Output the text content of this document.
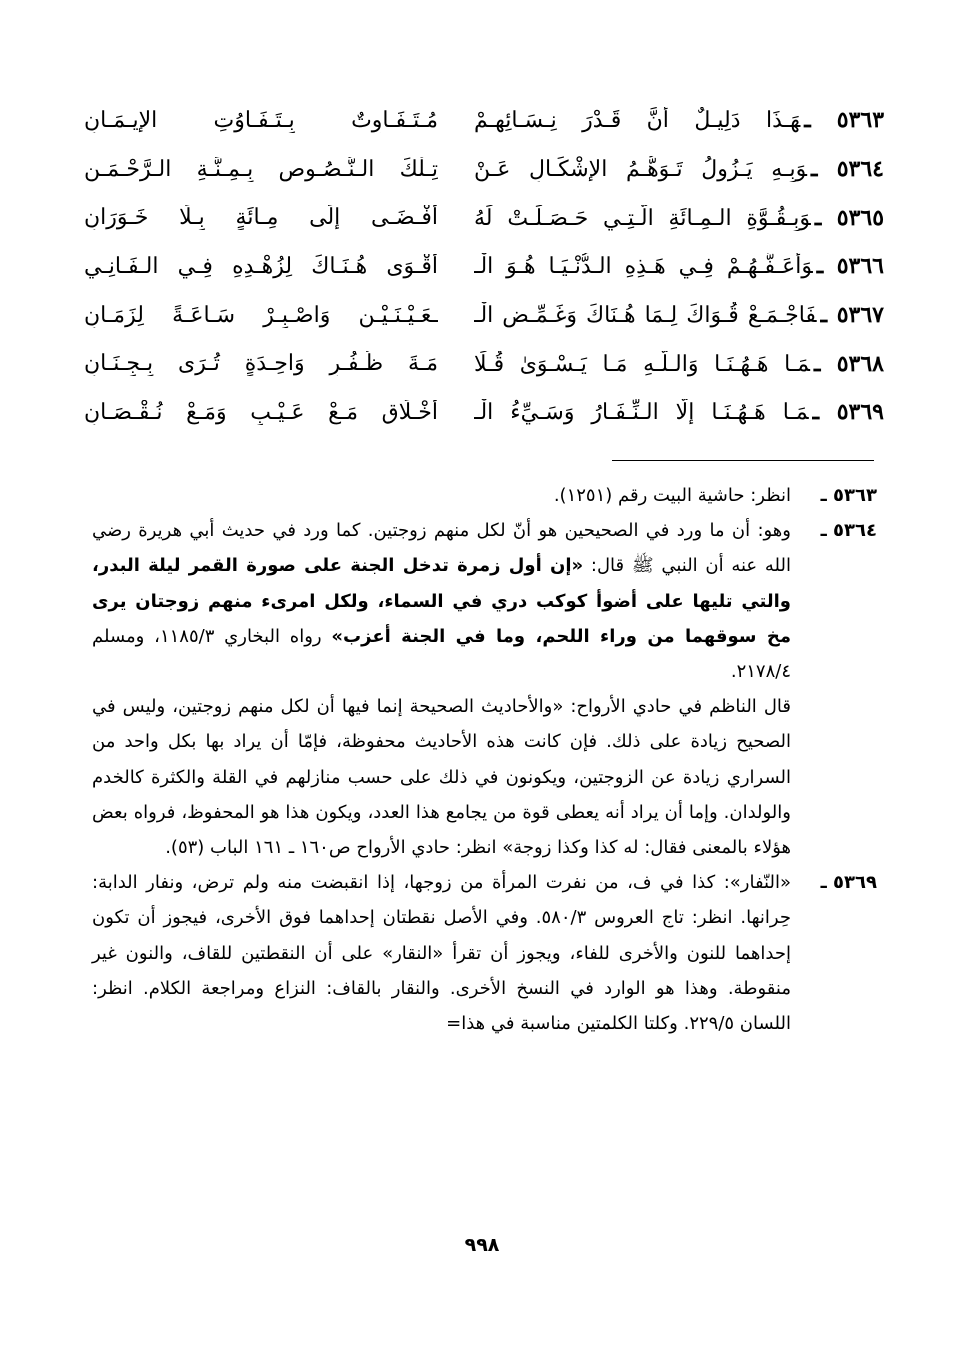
٥٣٦٣ ـهَـذَا دَلِيـلٌ أَنَّ قَـدْرَ نِـسَـائِهِـمْ
مُـتَـفَـاوِتٌ بِـتَـفَـاوُتِ الإِيـمَـانِ
٥٣٦٤ ـوَبِـهِ يَـزُولُ تَـوَهُّـمُ الإِشْكَـالِ عَـنْ
تِـلْكَ الـنُّـصُـوصِ بِـمِـنَّـةِ الـرَّحْـمَـنِ
٥٣٦٥ ـوَبِـقُـوَّةِ الـمِـائَةِ الَّـتِـي حَـصَـلَـتْ لَهُ
أَفْـضَـى إِلَى مِـائَةٍ بِـلَا خَـوَرَانِ
٥٣٦٦ ـوَأَعَـفُّـهُـمْ فِـي هَـذِهِ الـدُّنْـيَـا هُـوَ الْـ
أَقْـوَى هُـنَـاكَ لِزُهْـدِهِ فِـي الـفَـانِـي
٥٣٦٧ ـفَاجْـمَـعْ قُـوَاكَ لِـمَا هُـنَاكَ وَغَـمِّـضِ الْـ
ـعَـيْـنَـيْـنِ وَاصْـبِـرْ سَـاعَـةً لِزَمَـانِ
٥٣٦٨ ـمَـا هَـهُـنَـا وَالـلَّـهِ مَـا يَـسْـوَىٰ قُـلَا
مَـةَ ظُـفُـرٍ وَاحِـدَةٍ تُـرَى بِـجِـنَـانِ
٥٣٦٩ ـمَـا هَـهُـنَـا إِلَّا الـنِّـفَـارُ وَسَـيِّءُ الْـ
أَخْـلَاقِ مَـعْ عَـيْـبٍ وَمَـعْ نُـقْـصَـانِ
٥٣٦٣ ـ

انظر: حاشية البيت رقم (١٢٥١).

٥٣٦٤ ـ

وهو: أن ما ورد في الصحيحين هو أنّ لكل منهم زوجتين. كما ورد في حديث أبي هريرة رضي الله عنه أن النبي ﷺ قال: «إن أول زمرة تدخل الجنة على صورة القمر ليلة البدر، والتي تليها على أضوأ كوكب دري في السماء، ولكل امرىء منهم زوجتان يرى مخ سوقهما من وراء اللحم، وما في الجنة أعزب» رواه البخاري ١١٨٥/٣، ومسلم ٢١٧٨/٤.

قال الناظم في حادي الأرواح: «والأحاديث الصحيحة إنما فيها أن لكل منهم زوجتين، وليس في الصحيح زيادة على ذلك. فإن كانت هذه الأحاديث محفوظة، فإمّا أن يراد بها بكل واحد من السراري زيادة عن الزوجتين، ويكونون في ذلك على حسب منازلهم في القلة والكثرة كالخدم والولدان. وإما أن يراد أنه يعطى قوة من يجامع هذا العدد، ويكون هذا هو المحفوظ، فرواه بعض هؤلاء بالمعنى فقال: له كذا وكذا زوجة» انظر: حادي الأرواح ص١٦٠ ـ ١٦١ الباب (٥٣).

٥٣٦٩ ـ

«النّفار»: كذا في ف، من نفرت المرأة من زوجها، إذا انقبضت منه ولم ترض، ونفار الدابة: حِرانها. انظر: تاج العروس ٥٨٠/٣. وفي الأصل نقطتان إحداهما فوق الأخرى، فيجوز أن تكون إحداهما للنون والأخرى للفاء، ويجوز أن تقرأ «النقار» على أن النقطتين للقاف، والنون غير منقوطة. وهذا هو الوارد في النسخ الأخرى. والنقار بالقاف: النزاع ومراجعة الكلام. انظر: اللسان ٢٢٩/٥. وكلتا الكلمتين مناسبة في هذا=

٩٩٨
